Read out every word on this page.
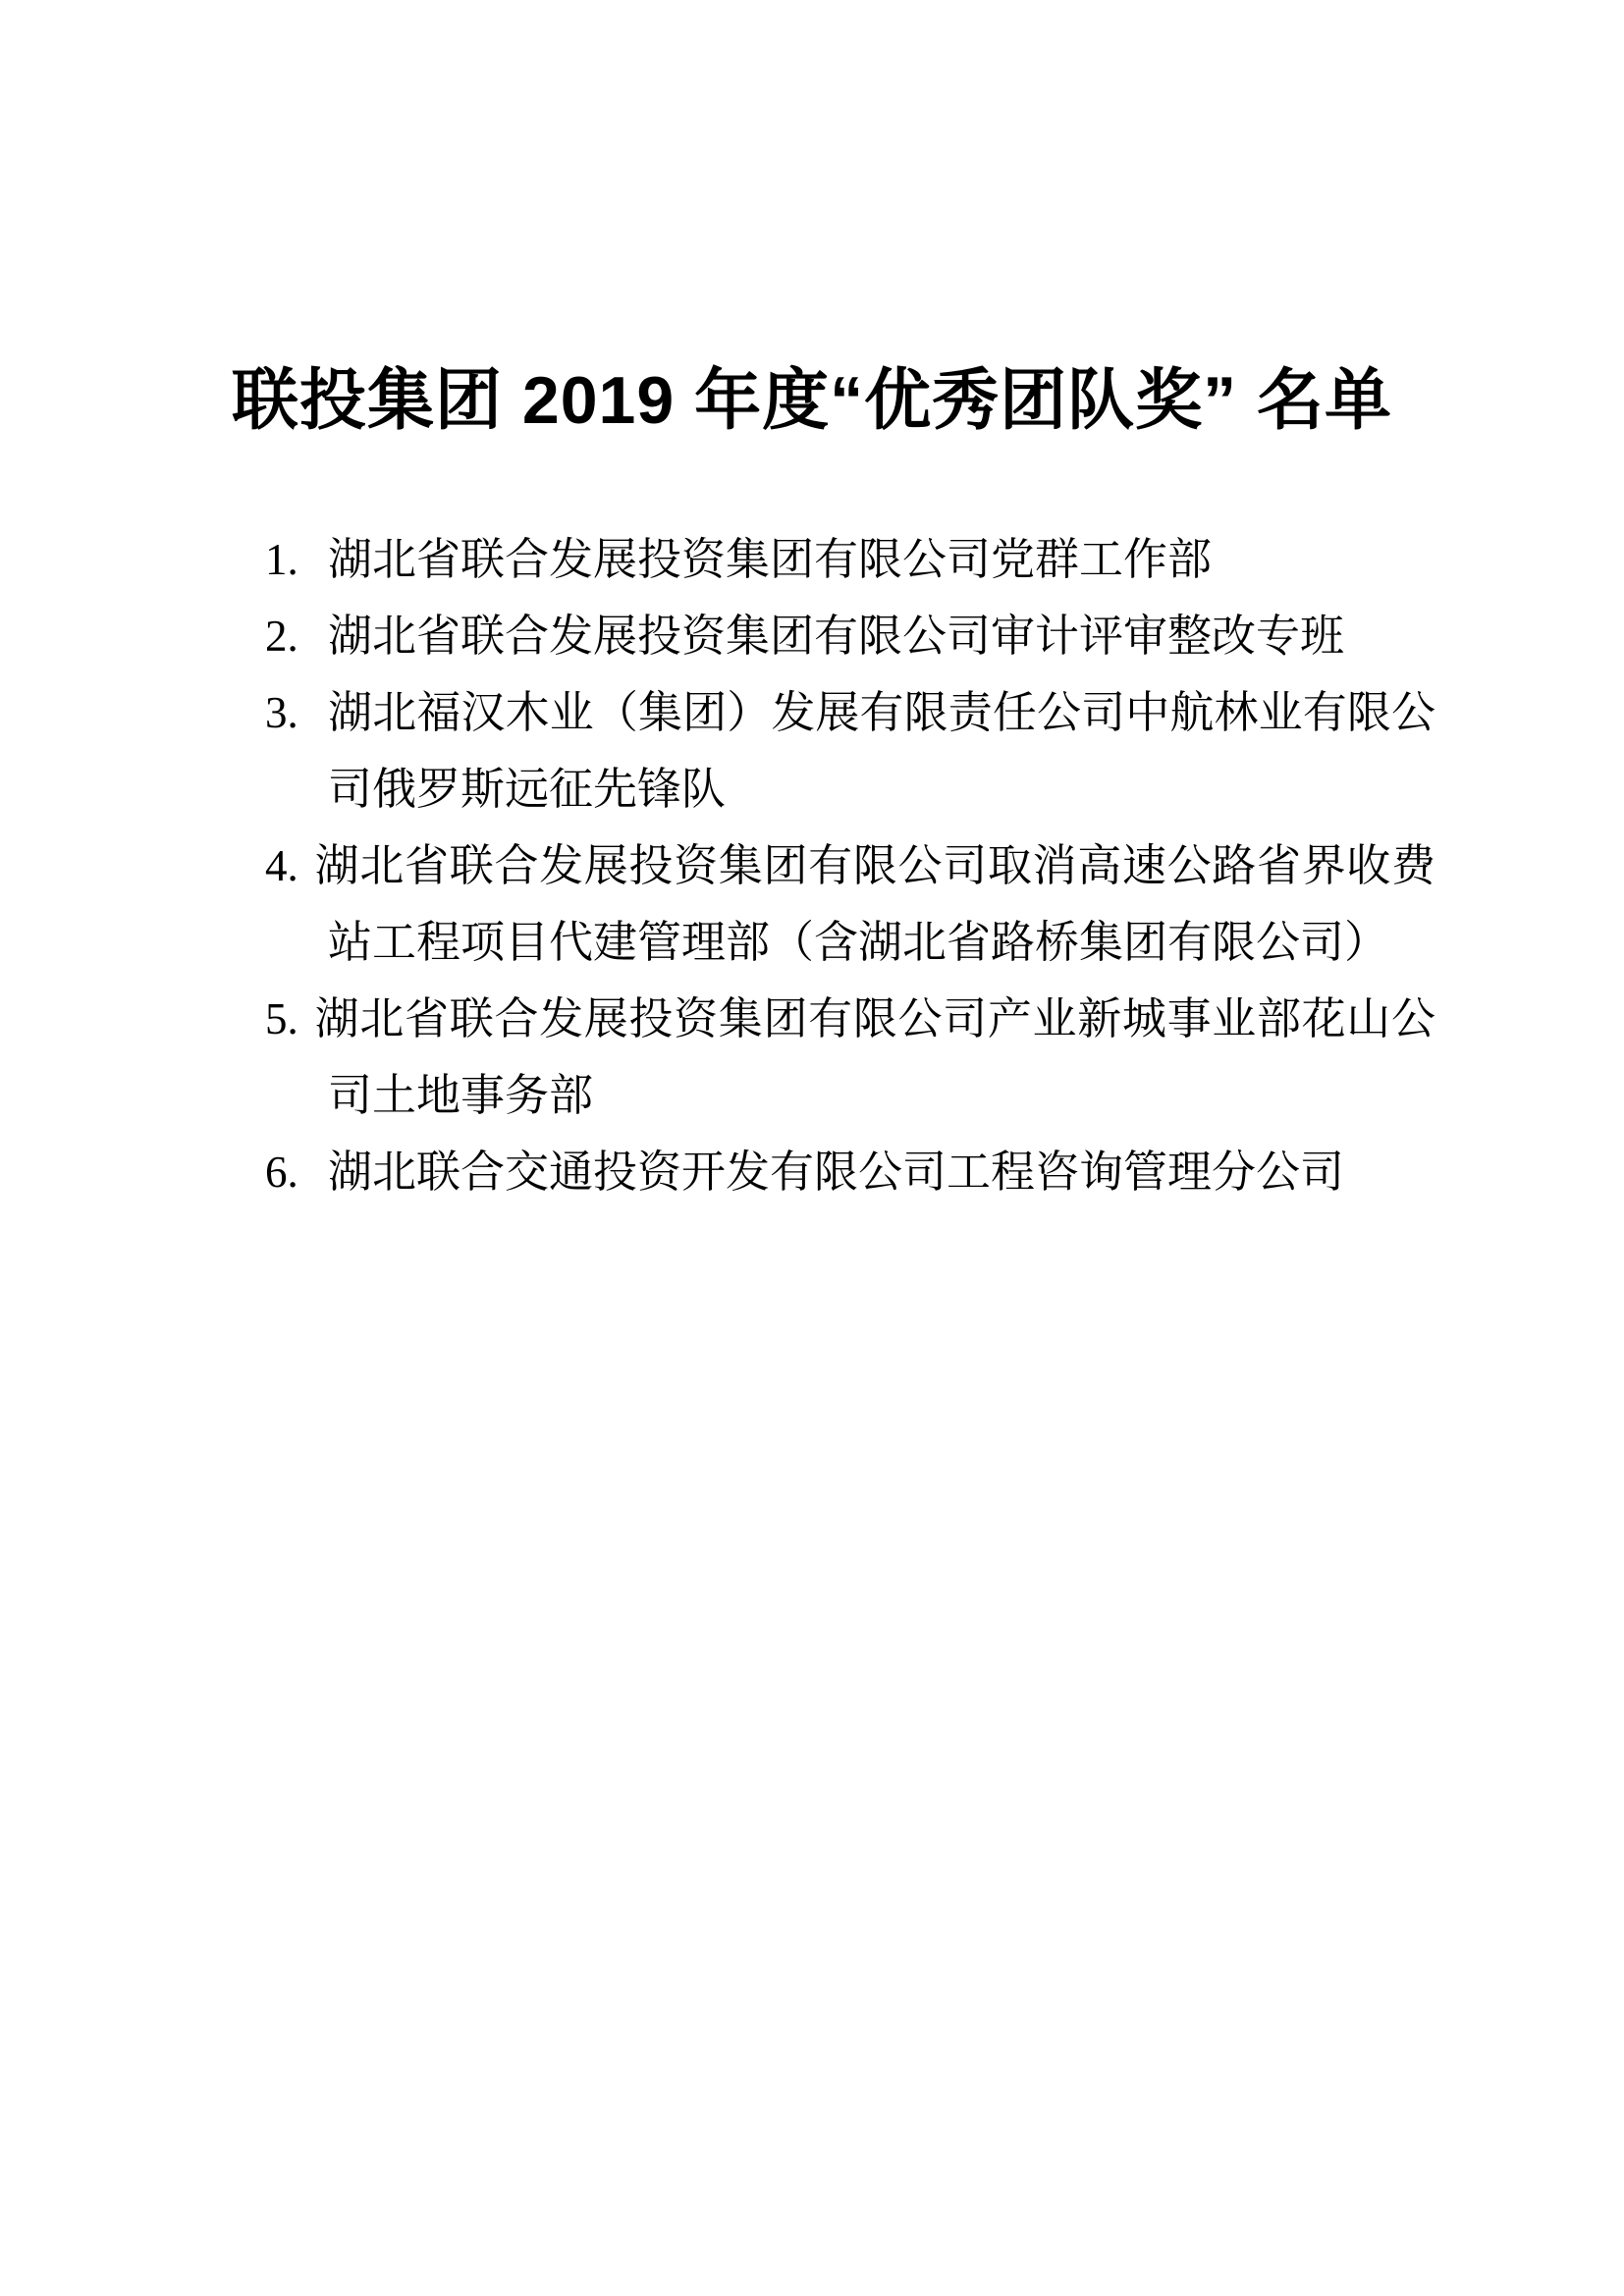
联投集团 2019 年度“优秀团队奖” 名单
1. 湖北省联合发展投资集团有限公司党群工作部
2. 湖北省联合发展投资集团有限公司审计评审整改专班
3. 湖北福汉木业（集团）发展有限责任公司中航林业有限公司俄罗斯远征先锋队
4. 湖北省联合发展投资集团有限公司取消高速公路省界收费站工程项目代建管理部（含湖北省路桥集团有限公司）
5. 湖北省联合发展投资集团有限公司产业新城事业部花山公司土地事务部
6. 湖北联合交通投资开发有限公司工程咨询管理分公司
